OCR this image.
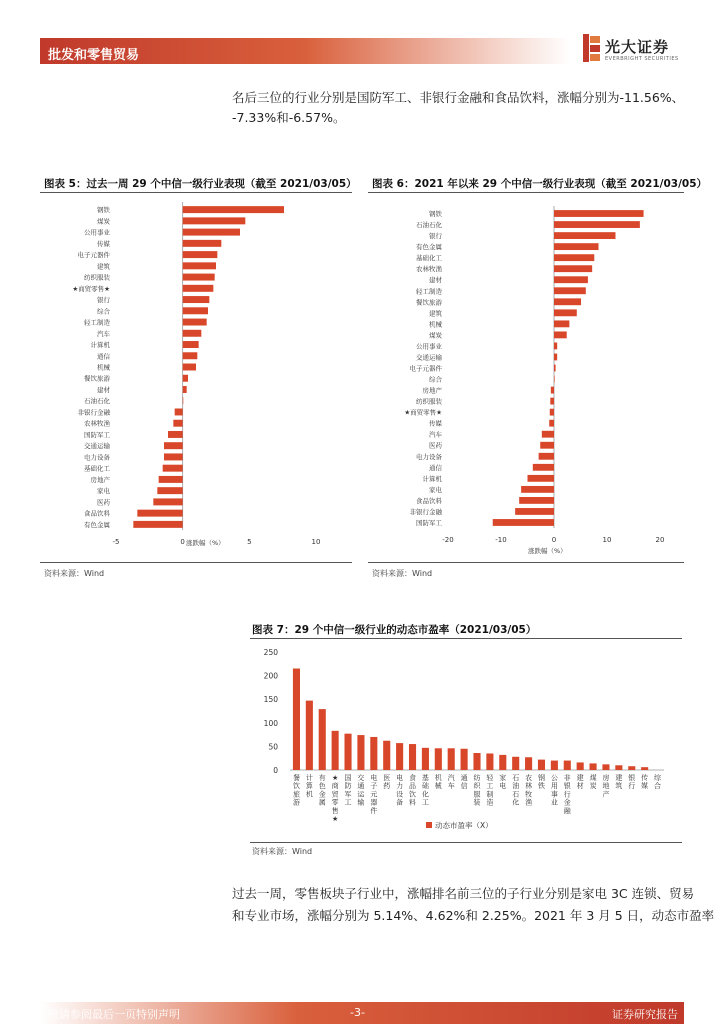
批发和零售贸易	光大证券
EVERBRIGHT SECURITIES
名后三位的行业分别是国防军工、非银行金融和食品饮料，涨幅分别为-11.56%、
-7.33%和-6.57%。
图表 5：过去一周 29 个中信一级行业表现（截至 2021/03/05）
钢铁
煤炭
公用事业
传媒
电子元器件
建筑
纺织服装
★商贸零售★
银行
综合
轻工制造
汽车
计算机
通信
机械
餐饮旅游
建材
石油石化
非银行金融
农林牧渔
国防军工
交通运输
电力设备
基础化工
房地产
家电
医药
食品饮料
有色金属
-5	0	5	10
涨跌幅（%）
资料来源：Wind
图表 6：2021 年以来 29 个中信一级行业表现（截至 2021/03/05）
钢铁
石油石化
银行
有色金属
基础化工
农林牧渔
建材
轻工制造
餐饮旅游
建筑
机械
煤炭
公用事业
交通运输
电子元器件
综合
房地产
纺织服装
★商贸零售★
传媒
汽车
医药
电力设备
通信
计算机
家电
食品饮料
非银行金融
国防军工
-20	-10	0	10	20
涨跌幅（%）
资料来源：Wind
图表 7：29 个中信一级行业的动态市盈率（2021/03/05）
0
50
100
150
200
250
餐饮旅游
计算机
有色金属
★商贸零售★
国防军工
交通运输
电子元器件
医药
电力设备
食品饮料
基础化工
机械
汽车
通信
纺织服装
轻工制造
家电
石油石化
农林牧渔
钢铁
公用事业
非银行金融
建材
煤炭
房地产
建筑
银行
传媒
综合
动态市盈率（X）
资料来源：Wind
过去一周，零售板块子行业中，涨幅排名前三位的子行业分别是家电 3C 连锁、贸易
和专业市场，涨幅分别为 5.14%、4.62%和 2.25%。2021 年 3 月 5 日，动态市盈率
敬请参阅最后一页特别声明	-3-	证券研究报告
